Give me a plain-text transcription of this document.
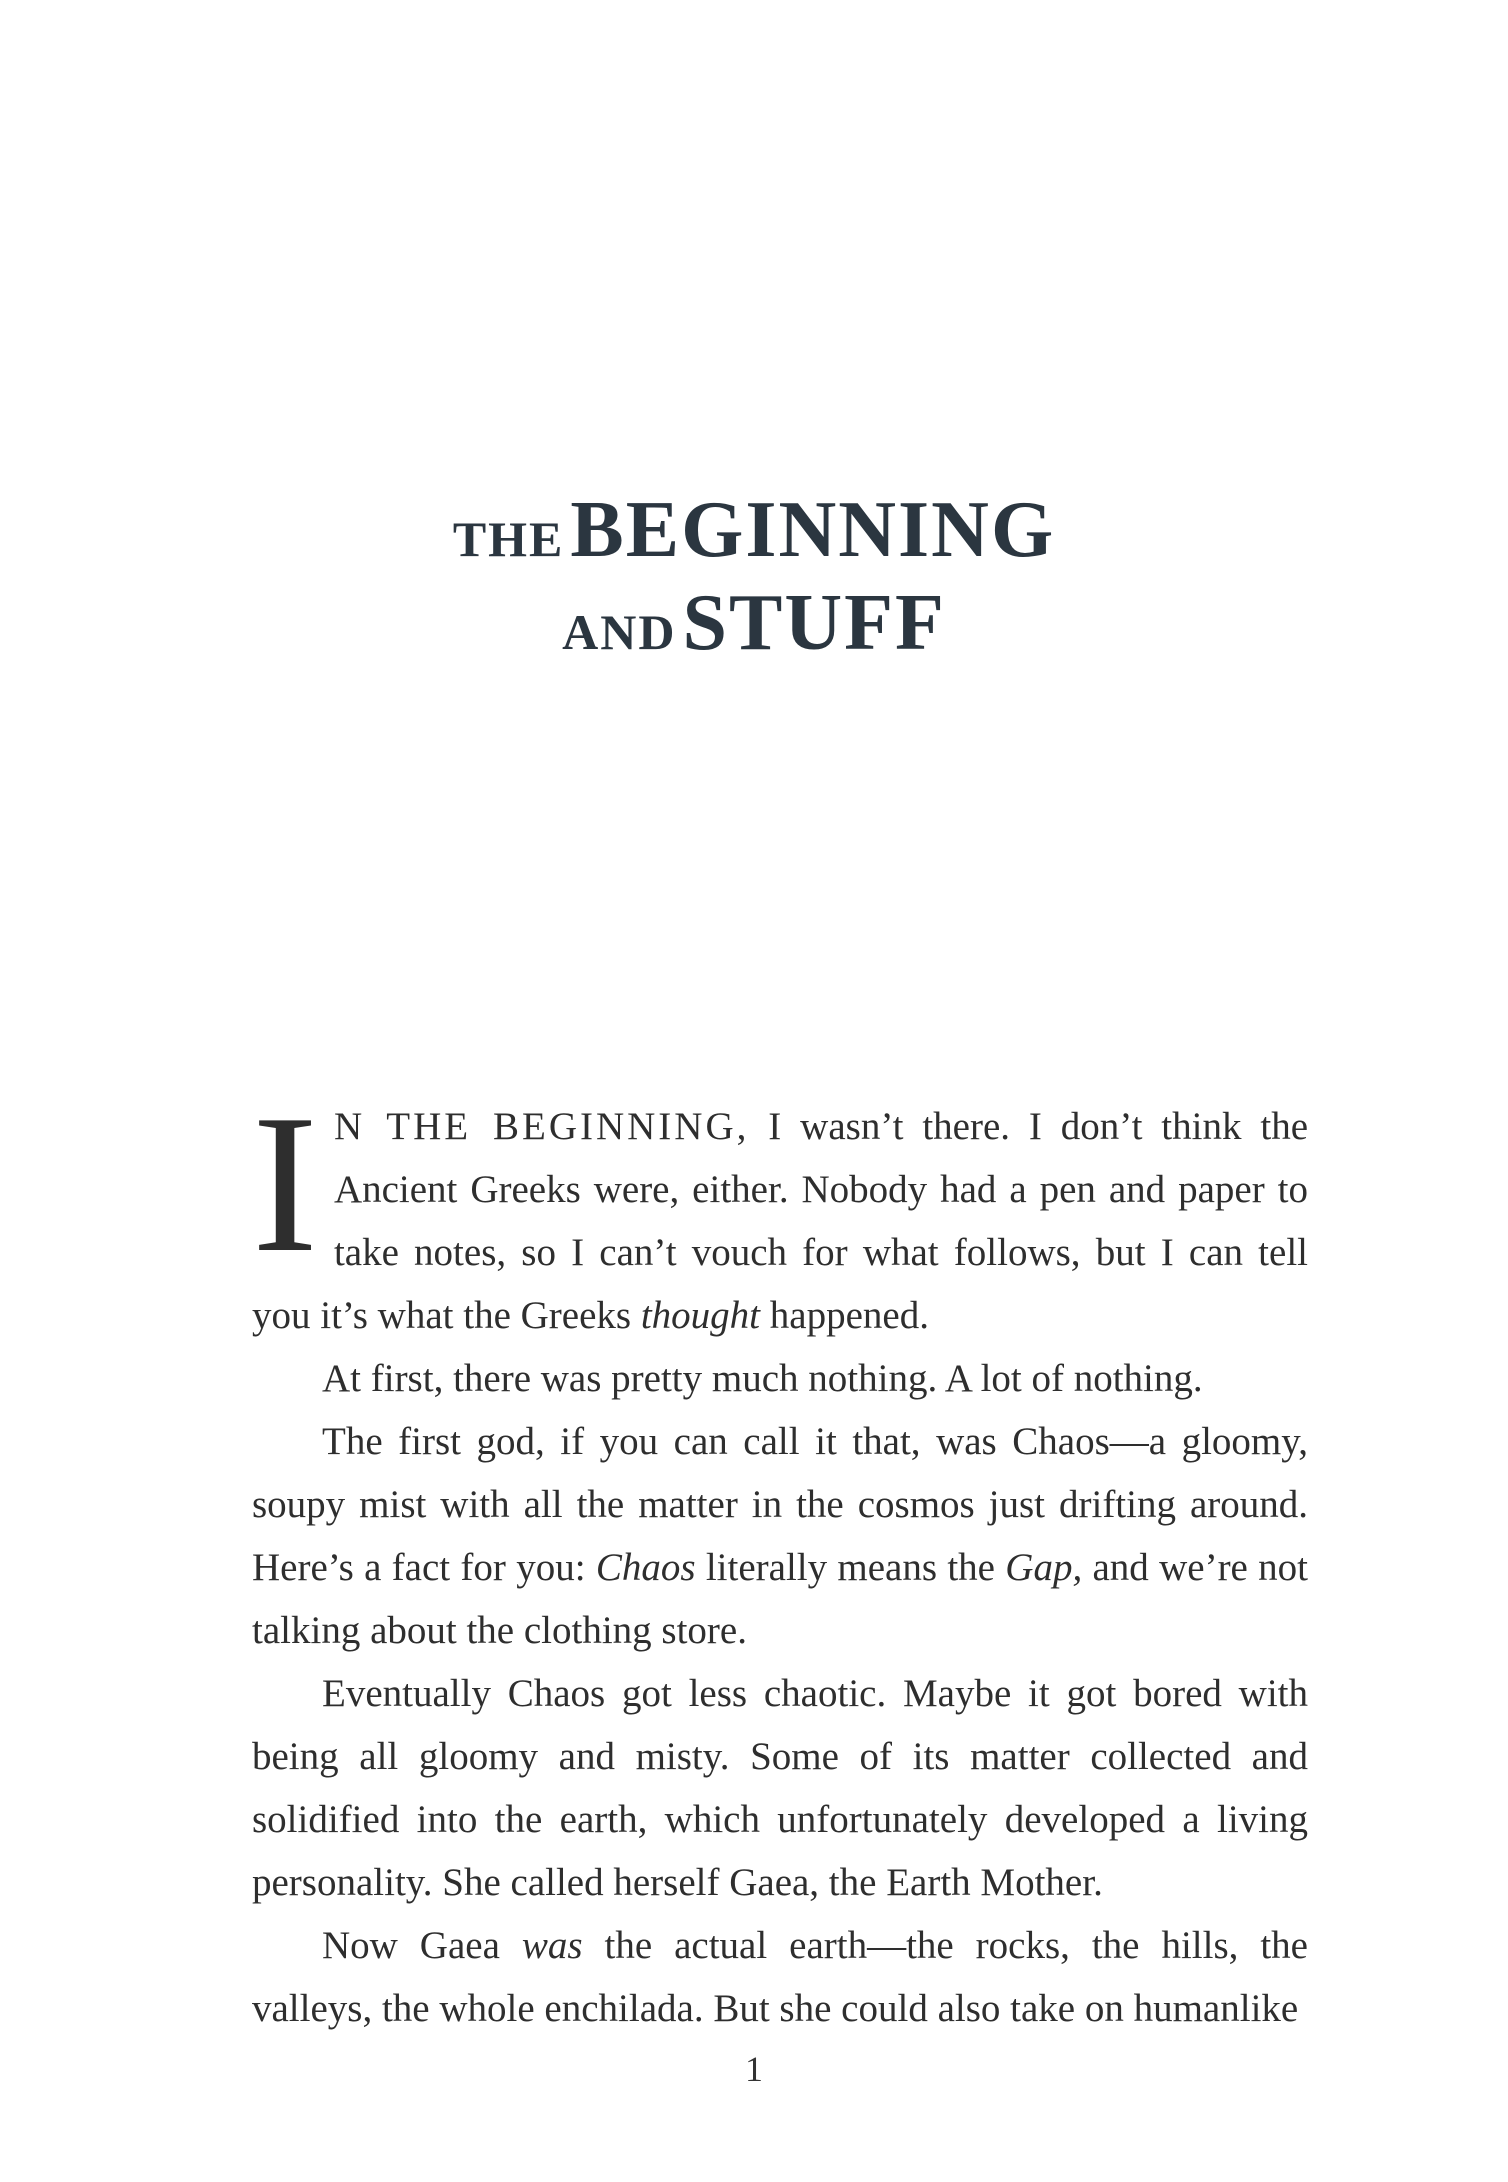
THE BEGINNING
AND STUFF

I N THE BEGINNING, I wasn’t there. I don’t think the Ancient Greeks were, either. Nobody had a pen and paper to take notes, so I can’t vouch for what follows, but I can tell you it’s what the Greeks thought happened.

At first, there was pretty much nothing. A lot of nothing.

The first god, if you can call it that, was Chaos—a gloomy, soupy mist with all the matter in the cosmos just drifting around. Here’s a fact for you: Chaos literally means the Gap, and we’re not talking about the clothing store.

Eventually Chaos got less chaotic. Maybe it got bored with being all gloomy and misty. Some of its matter collected and solidified into the earth, which unfortunately developed a living personality. She called herself Gaea, the Earth Mother.

Now Gaea was the actual earth—the rocks, the hills, the valleys, the whole enchilada. But she could also take on humanlike

1
